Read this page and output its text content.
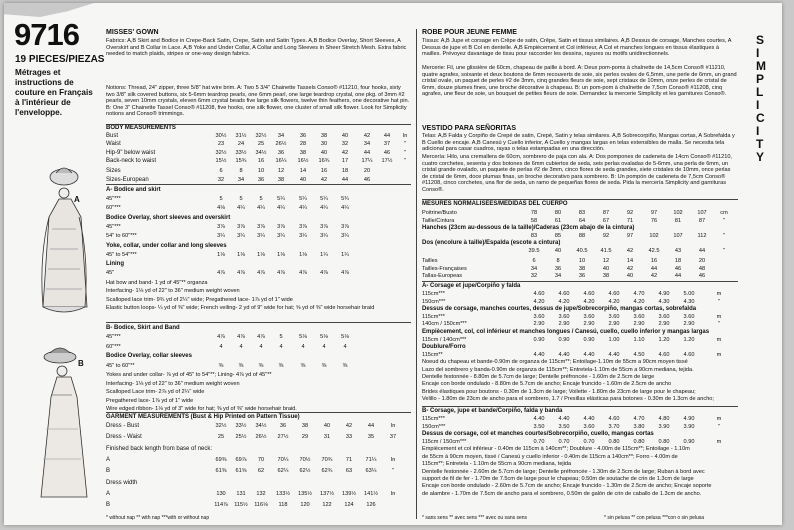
9716
19 PIECES/PIEZAS
Métrages et instructions de couture en Français à l'intérieur de l'enveloppe.
MISSES' GOWN
Fabrics: A,B Skirt and Bodice in Crepe-Back Satin, Crepe, Satin and Satin Types. A,B Bodice Overlay, Short Sleeves, A Overskirt and B Collar in Lace. A,B Yoke and Under Collar, A Collar and Long Sleeves in Sheer Stretch Mesh. Extra fabric needed to match plaids, stripes or one-way design fabrics.
Notions: Thread, 24" zipper, three 5/8" hat wire brim. A: Two 5 3/4" Chainette Tassels Conso® #11210, four hooks, sixty two 3/8" silk covered buttons, six 5-6mm teardrop pearls, one 6mm pearl, one large teardrop crystal, one pkg. of 3mm #2 pearls, seven 10mm crystals, eleven 6mm crystal beads five large silk flowers, twelve thin feathers, one decorative hat pin. B: One 3" Chainette Tassel Conso® #11208, five hooks, one silk flower, one cluster of small silk flower. Look for Simplicity notions and Conso® trimmings.
BODY MEASUREMENTS
Bust	30½	31½	32½	34	36	38	40	42	44	In
Waist	23	24	25	26½	28	30	32	34	37	"
Hip-9" below waist	32½	33½	34½	36	38	40	42	44	46	"
Back-neck to waist	15½	15¾	16	16¼	16½	16¾	17	17¼	17½	"
Sizes	6	8	10	12	14	16	18	20
Sizes-European	32	34	36	38	40	42	44	46
A- Bodice and skirt
45"***	5	5	5	5¼	5¼	5¼	5¾
60"***	4⅛	4¼	4¼	4¼	4¼	4¼	4¼
Bodice Overlay, short sleeves and overskirt
45"***	3⅞	3⅞	3⅞	3⅞	3⅞	3⅞	3⅞
54" to 60"***	3¼	3¼	3¼	3¼	3¼	3¼	3¼
Yoke, collar, under collar and long sleeves
45" to 54"***	1⅛	1⅛	1⅛	1⅛	1⅛	1¼	1¼
Lining
45"	4⅞	4⅞	4⅞	4⅞	4⅞	4⅞	4⅞
Hat bow and band- 1 yd of 45"** organza
Interfacing- 1⅛ yd of 22" to 36" medium weight woven
Scalloped lace trim- 9¾ yd of 2¼" wide; Pregathered lace- 1⅞ yd of 1" wide
Elastic button loops- ¼ yd of ⅜" wide; French veiling- 2 yd of 9" wide for hat; ⅝ yd of ⅜" wide horsehair braid
B- Bodice, Skirt and Band
45"***	4⅞	4⅞	4⅞	5	5⅛	5⅛	5⅛
60"***	4	4	4	4	4	4	4
Bodice Overlay, collar sleeves
45" to 60"**	⅜	⅜	⅜	⅜	⅜	⅜	⅜
Yokes and under collar- ⅞ yd of 45" to 54"**; Lining- 4⅞ yd of 45"**
Interfacing- 1⅛ yd of 22" to 36" medium weight woven
Scalloped Lace trim- 2⅞ yd of 2¼" wide
Pregathered lace- 1⅞ yd of 1" wide
Wire edged ribbon- 1⅛ yd of 3" wide for hat; ⅜ yd of ⅜" wide horsehair braid.
GARMENT MEASUREMENTS (Bust & Hip Printed on Pattern Tissue)
Dress - Bust	32½	33½	34½	36	38	40	42	44	In
Dress - Waist	25	25½	26½	27½	29	31	33	35	37
Finished back length from base of neck:
A	69⅜	69⅞	70	70¼	70½	70¾	71	71¼	In
B	61⅜	61⅝	62	62¼	62½	62¾	63	63¼	"
Dress width
A	130	131	132	133½	135½	137½	139½	141½	In
B	114⅞	115½	116⅛	118	120	122	124	126
* without nap ** with nap ***with or without nap
ROBE POUR JEUNE FEMME
Tissus: A,B Jupe et corsage en Crêpe de satin, Crêpe, Satin et tissus similaires. A,B Dessus de corsage, Manches courtes, A Dessus de jupe et B Col en dentelle. A,B Empiècement et Col inférieur, A Col et manches longues en tissus élastiques à mailles. Prévoyez davantage de tissu pour raccorder les dessins, rayures ou motifs unidirectionnels.
Mercerie: Fil, une glissière de 60cm, chapeau de paille à bord. A: Deux pom-poms à chaînette de 14,5cm Conso® #11210, quatre agrafes, soixante et deux boutons de 6mm recouverts de soie, six perles ovales de 6,5mm, une perle de 6mm, un grand cristal ovale, un paquet de perles #2 de 3mm, cinq grandes fleurs de soie, sept cristaux de 10mm, onze perles de cristal de 6mm, douze plumes fines, une broche décorative à chapeau. B: un pom-pom à chaînette de 7,5cm Conso® #11208, cinq agrafes, une fleur de soie, un bouquet de petites fleurs de soie. Demandez la mercerie Simplicity et les garnitures Conso®.
VESTIDO PARA SEÑORITAS
Telas: A,B Falda y Corpiño de Crepé de satin, Crepé, Satin y telas similares. A,B Sobrecorpiño, Mangas cortas, A Sobrefalda y B Cuello de encaje. A,B Canesú y Cuello inferior, A Cuello y mangas largas en telas extensibles de malla. Se necesita tela adicional para casar cuadros, rayas o telas estampadas en una dirección.
Mercería: Hilo, una cremallera de 60cm, sombrero de paja con ala. A: Dos pompones de cadeneta de 14cm Conso® #11210, cuatro corchetes, sesenta y dos botones de 6mm cubiertos de seda, seis perlas ovaladas de 5-6mm, una perla de 6mm, un cristal grande ovalado, un paquete de perlas #2 de 3mm, cinco flores de seda grandes, siete cristales de 10mm, once perlas de cristal de 6mm, doce plumas finas, un broche decorativo para sombrero. B: Un pompón de cadeneta de 7,5cm Conso® #11208, cinco corchetes, una flor de seda, un ramo de pequeñas flores de seda. Pida la mercería Simplicity and garnituras Conso®.
MESURES NORMALISEES/MEDIDAS DEL CUERPO
Poitrine/Busto	78	80	83	87	92	97	102	107	cm
Taille/Cintura	58	61	64	67	71	76	81	87	"
Hanches (23cm au-dessous de la taille)/Caderas (23cm abajo de la cintura)
83	85	88	92	97	102	107	112	"
Dos (encolure à taille)/Espalda (escote a cintura)
39.5	40	40.5	41.5	42	42.5	43	44	"
Tailles	6	8	10	12	14	16	18	20
Tailles-Françaises	34	36	38	40	42	44	46	48
Tallas-Europeas	32	34	36	38	40	42	44	46
A- Corsage et jupe/Corpiño y falda
115cm***	4.60	4.60	4.60	4.60	4.70	4.90	5.00	m
150cm***	4.20	4.20	4.20	4.20	4.20	4.30	4.30	"
Dessus de corsage, manches courtes, dessus de jupe/Sobrecorpiño, mangas cortas, sobrefalda
115cm***	3.60	3.60	3.60	3.60	3.60	3.60	3.60	m
140cm / 150cm***	2.90	2.90	2.90	2.90	2.90	2.90	2.90	"
Empiècement, col, col inférieur et manches longues / Canesú, cuello, cuello inferior y mangas largas
115cm / 140cm***	0.90	0.90	0.90	1.00	1.10	1.20	1.20	m
Doublure/Forro
115cm**	4.40	4.40	4.40	4.40	4.50	4.60	4.60	m
Noeud du chapeau et bande-0.90m de organza de 115cm**; Entoilage-1.10m de 55cm a 90cm moyen tissé
Lazo del sombrero y banda-0.90m de organza de 115cm**; Entretela-1.10m de 55cm a 90cm mediana, tejida.
Dentelle festonnée - 8.80m de 5.7cm de large; Dentelle préfroncée - 1.60m de 2.5cm de large
Encaje con borde ondulado - 8.80m de 5.7cm de ancho; Encaje fruncido - 1.60m de 2.5cm de ancho
Brides élastiques pour boutons - 0.30m de 1.3cm de large; Voilette - 1.80m de 23cm de large pour le chapeau;
Velillo - 1.80m de 23cm de ancho para el sombrero, 1.7 / Presillas elásticas para botones - 0.30m de 1.3cm de ancho;
B- Corsage, jupe et bande/Corpiño, falda y banda
115cm***	4.40	4.40	4.40	4.60	4.70	4.80	4.90	m
150cm***	3.50	3.50	3.60	3.70	3.80	3.90	3.90	"
Dessus de corsage, col et manches courtes/Sobrecorpiño, cuello, mangas cortas
115cm / 150cm***	0.70	0.70	0.70	0.80	0.80	0.80	0.90	m
Empiècement et col inférieur - 0.40m de 115cm à 140cm**; Doublure - 4.00m de 115cm**; Entoilage - 1.10m
de 55cm à 90cm moyen, tissé / Canesú y cuello inferior - 0.40m de 115cm a 140cm**; Forro - 4.00m de
115cm**; Entretela - 1.10m de 55cm a 90cm mediana, tejida
Dentelle festonnée - 2.60m de 5.7cm de large; Dentelle préfroncée - 1.30m de 2.5cm de large; Ruban à bord avec
support de fil de fer - 1.70m de 7.5cm de large pour le chapeau; 0.50m de soutache de crin de 1.3cm de large
Encaje con borde ondulado - 2.60m de 5.7cm de ancho; Encaje fruncido - 1.30m de 2.5cm de ancho; Encaje soporte
de alambre - 1.70m de 7.5cm de ancho para el sombrero, 0.50m de galón de crin de caballo de 1.3cm de ancho.
* sans sens ** avec sens *** avec ou sans sens	* sin pelusa ** con pelusa ***con o sin pelusa
A
B
S
I
M
P
L
I
C
I
T
Y
